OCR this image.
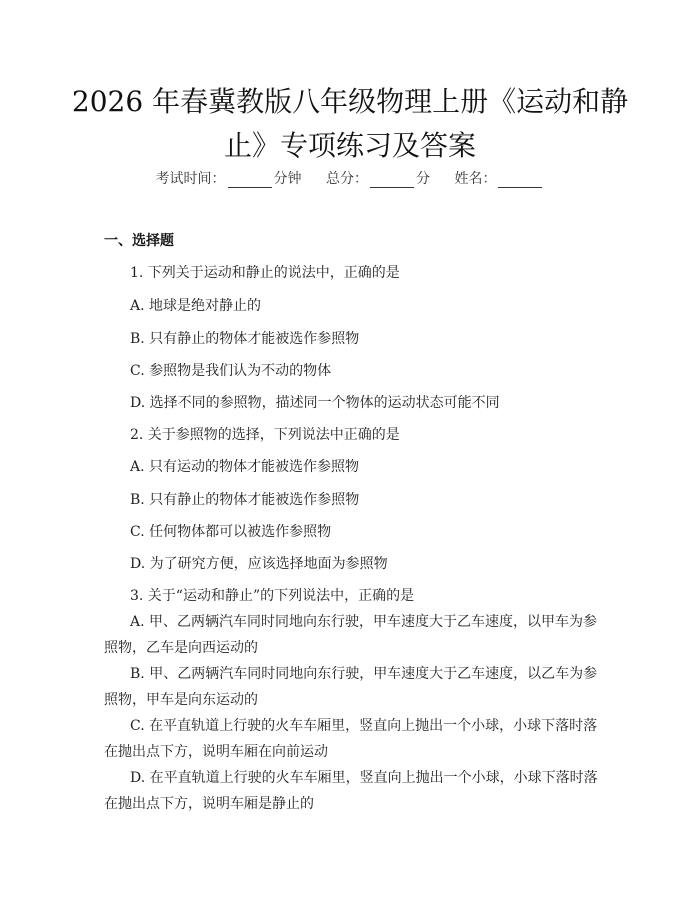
2026 年春冀教版八年级物理上册《运动和静
止》专项练习及答案
考试时间：	分钟 总分：	分 姓名：
一、选择题
1. 下列关于运动和静止的说法中，正确的是
A. 地球是绝对静止的
B. 只有静止的物体才能被选作参照物
C. 参照物是我们认为不动的物体
D. 选择不同的参照物，描述同一个物体的运动状态可能不同
2. 关于参照物的选择，下列说法中正确的是
A. 只有运动的物体才能被选作参照物
B. 只有静止的物体才能被选作参照物
C. 任何物体都可以被选作参照物
D. 为了研究方便，应该选择地面为参照物
3. 关于“运动和静止”的下列说法中，正确的是
A. 甲、乙两辆汽车同时同地向东行驶，甲车速度大于乙车速度，以甲车为参照物，乙车是向西运动的
B. 甲、乙两辆汽车同时同地向东行驶，甲车速度大于乙车速度，以乙车为参照物，甲车是向东运动的
C. 在平直轨道上行驶的火车车厢里，竖直向上抛出一个小球，小球下落时落在抛出点下方，说明车厢在向前运动
D. 在平直轨道上行驶的火车车厢里，竖直向上抛出一个小球，小球下落时落在抛出点下方，说明车厢是静止的
